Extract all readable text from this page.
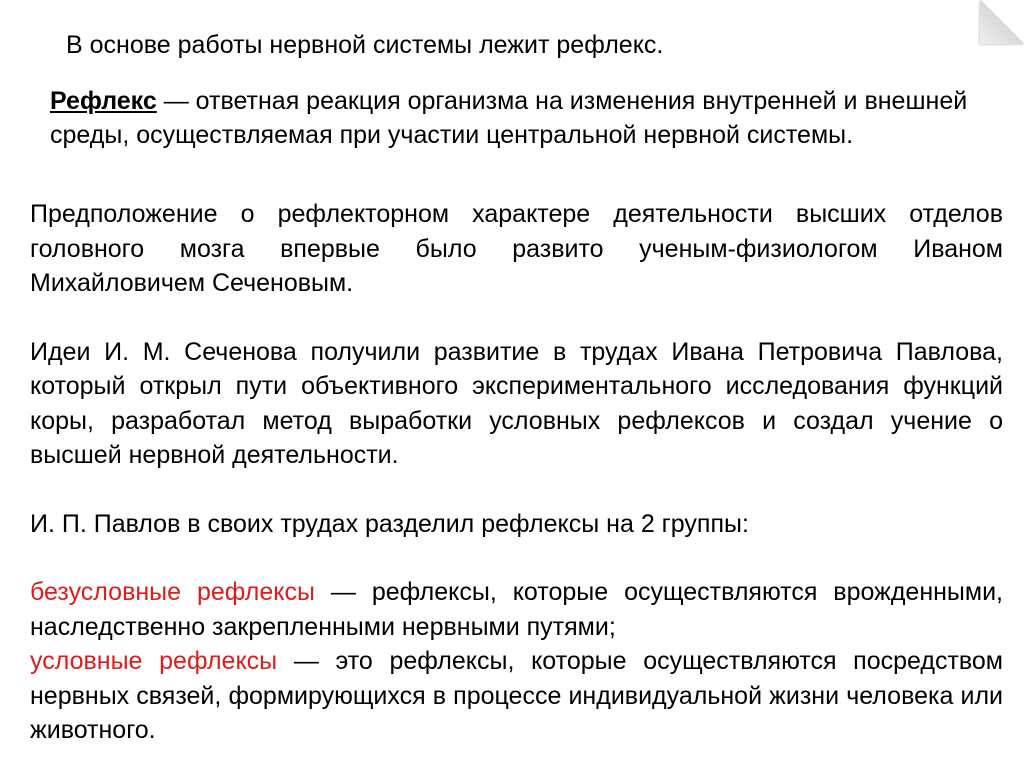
В основе работы нервной системы лежит рефлекс.
Рефлекс — ответная реакция организма на изменения внутренней и внешней среды, осуществляемая при участии центральной нервной системы.

Предположение о рефлекторном характере деятельности высших отделов головного мозга впервые было развито ученым-физиологом Иваном Михайловичем Сеченовым.

Идеи И. М. Сеченова получили развитие в трудах Ивана Петровича Павлова, который открыл пути объективного экспериментального исследования функций коры, разработал метод выработки условных рефлексов и создал учение о высшей нервной деятельности.

И. П. Павлов в своих трудах разделил рефлексы на 2 группы:

безусловные рефлексы — рефлексы, которые осуществляются врожденными, наследственно закрепленными нервными путями;

условные рефлексы — это рефлексы, которые осуществляются посредством нервных связей, формирующихся в процессе индивидуальной жизни человека или животного.
